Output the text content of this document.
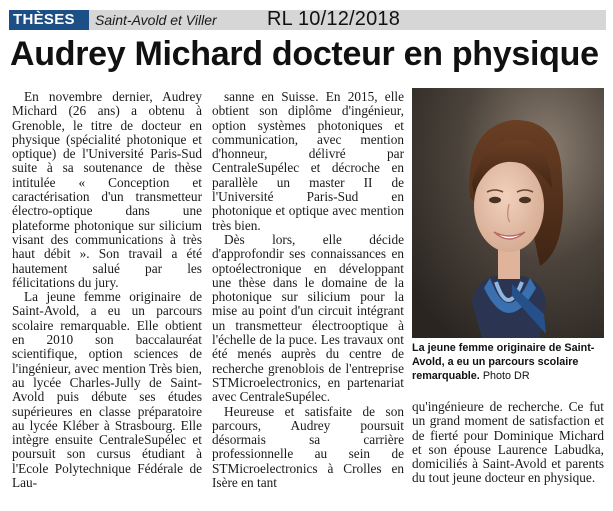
THÈSES	Saint-Avold et Viller	RL 10/12/2018
Audrey Michard docteur en physique

En novembre dernier, Audrey Michard (26 ans) a obtenu à Grenoble, le titre de docteur en physique (spécialité photonique et optique) de l'Université Paris-Sud suite à sa soutenance de thèse intitulée « Conception et caractérisation d'un transmetteur électro-optique dans une plateforme photonique sur silicium visant des communications à très haut débit ». Son travail a été hautement salué par les félicitations du jury.

La jeune femme originaire de Saint-Avold, a eu un parcours scolaire remarquable. Elle obtient en 2010 son baccalauréat scientifique, option sciences de l'ingénieur, avec mention Très bien, au lycée Charles-Jully de Saint-Avold puis débute ses études supérieures en classe préparatoire au lycée Kléber à Strasbourg. Elle intègre ensuite CentraleSupélec et poursuit son cursus étudiant à l'Ecole Polytechnique Fédérale de Lau-

sanne en Suisse. En 2015, elle obtient son diplôme d'ingénieur, option systèmes photoniques et communication, avec mention d'honneur, délivré par CentraleSupélec et décroche en parallèle un master II de l'Université Paris-Sud en photonique et optique avec mention très bien.

Dès lors, elle décide d'approfondir ses connaissances en optoélectronique en développant une thèse dans le domaine de la photonique sur silicium pour la mise au point d'un circuit intégrant un transmetteur électrooptique à l'échelle de la puce. Les travaux ont été menés auprès du centre de recherche grenoblois de l'entreprise STMicroelectronics, en partenariat avec CentraleSupélec.

Heureuse et satisfaite de son parcours, Audrey poursuit désormais sa carrière professionnelle au sein de STMicroelectronics à Crolles en Isère en tant

La jeune femme originaire de Saint-Avold, a eu un parcours scolaire remarquable. Photo DR

qu'ingénieure de recherche. Ce fut un grand moment de satisfaction et de fierté pour Dominique Michard et son épouse Laurence Labudka, domiciliés à Saint-Avold et parents du tout jeune docteur en physique.
